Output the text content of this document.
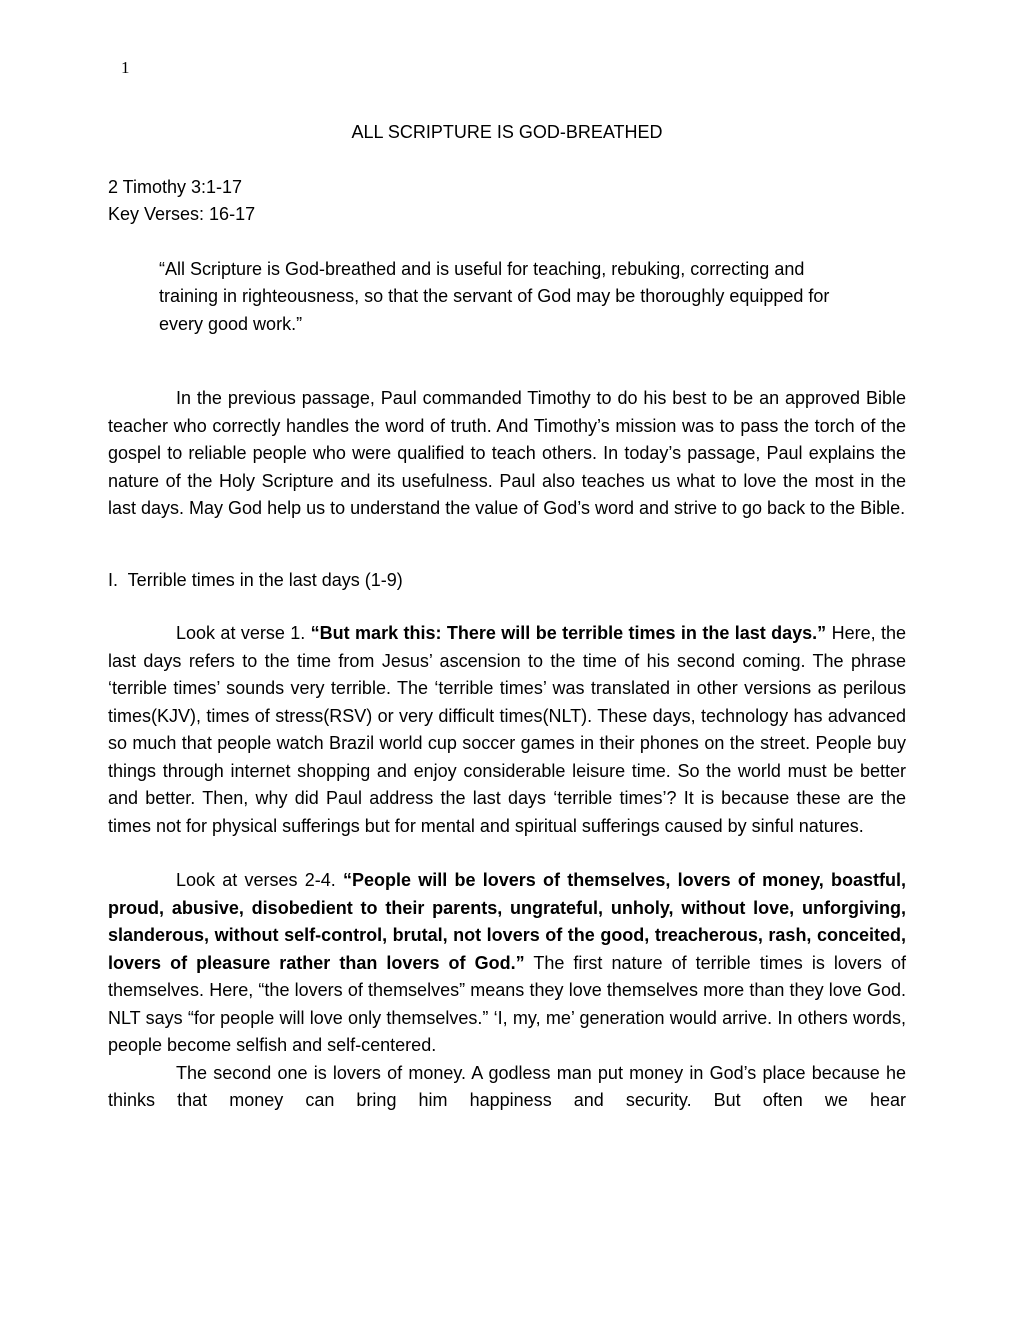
1
ALL SCRIPTURE IS GOD-BREATHED

2 Timothy 3:1-17

Key Verses: 16-17

“All Scripture is God-breathed and is useful for teaching, rebuking, correcting and training in righteousness, so that the servant of God may be thoroughly equipped for every good work.”

In the previous passage, Paul commanded Timothy to do his best to be an approved Bible teacher who correctly handles the word of truth. And Timothy’s mission was to pass the torch of the gospel to reliable people who were qualified to teach others. In today’s passage, Paul explains the nature of the Holy Scripture and its usefulness. Paul also teaches us what to love the most in the last days. May God help us to understand the value of God’s word and strive to go back to the Bible.

I.  Terrible times in the last days (1-9)

Look at verse 1. “But mark this: There will be terrible times in the last days.” Here, the last days refers to the time from Jesus’ ascension to the time of his second coming. The phrase ‘terrible times’ sounds very terrible. The ‘terrible times’ was translated in other versions as perilous times(KJV), times of stress(RSV) or very difficult times(NLT). These days, technology has advanced so much that people watch Brazil world cup soccer games in their phones on the street. People buy things through internet shopping and enjoy considerable leisure time. So the world must be better and better. Then, why did Paul address the last days ‘terrible times’? It is because these are the times not for physical sufferings but for mental and spiritual sufferings caused by sinful natures.

Look at verses 2-4. “People will be lovers of themselves, lovers of money, boastful, proud, abusive, disobedient to their parents, ungrateful, unholy, without love, unforgiving, slanderous, without self-control, brutal, not lovers of the good, treacherous, rash, conceited, lovers of pleasure rather than lovers of God.” The first nature of terrible times is lovers of themselves. Here, “the lovers of themselves” means they love themselves more than they love God. NLT says “for people will love only themselves.” ‘I, my, me’ generation would arrive. In others words, people become selfish and self-centered.

The second one is lovers of money. A godless man put money in God’s place because he thinks that money can bring him happiness and security. But often we hear
